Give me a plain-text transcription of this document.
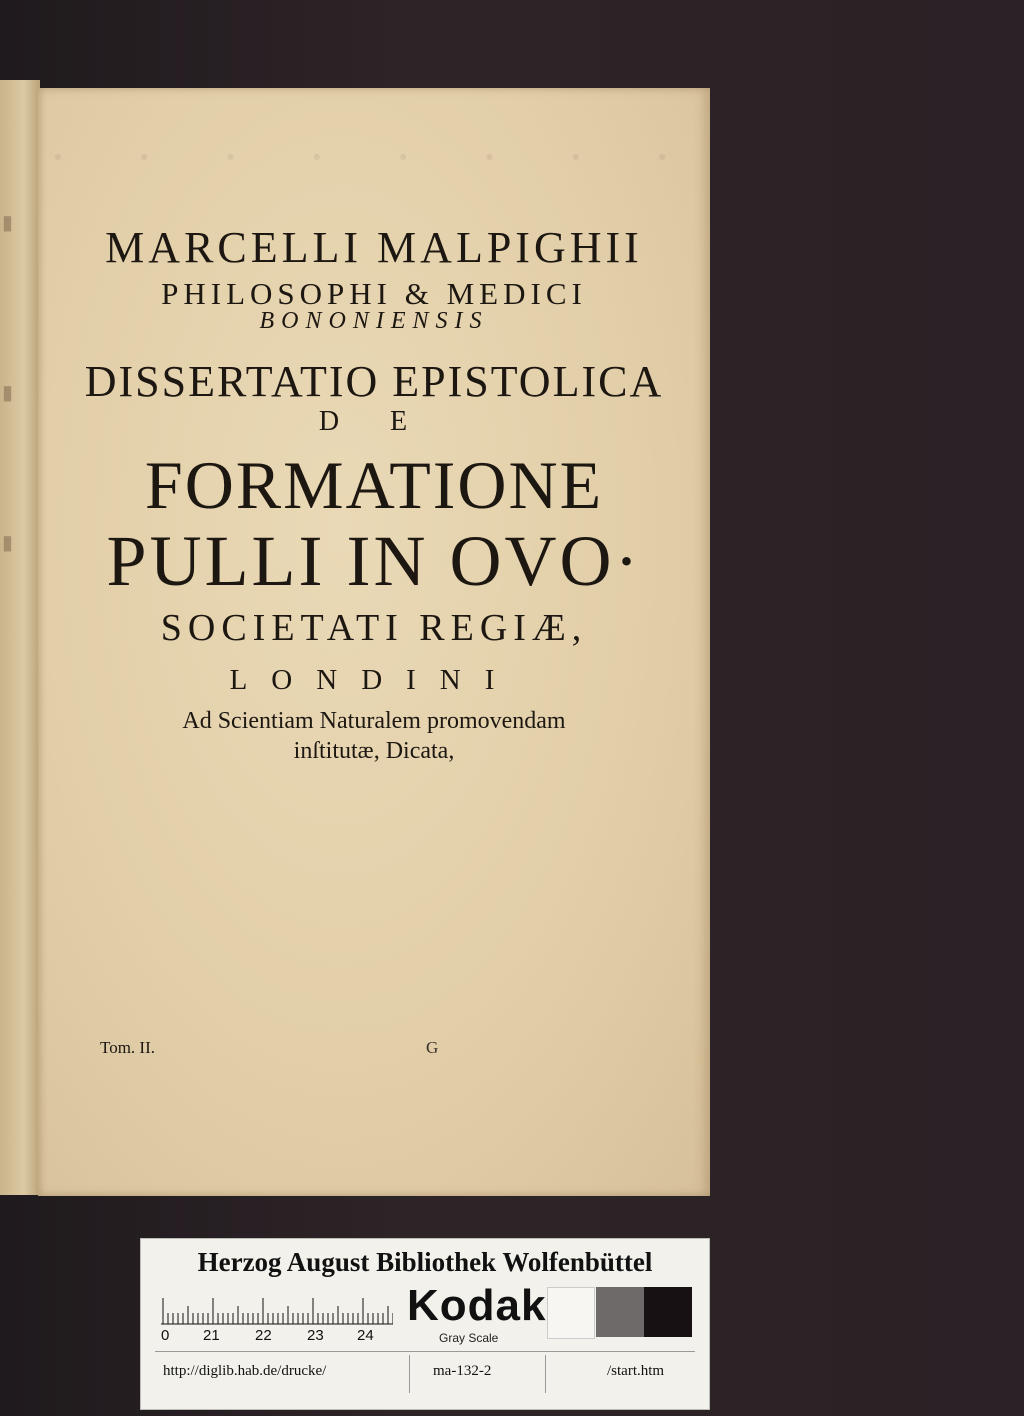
▮
▮
▮
· · · · · · · ·
MARCELLI MALPIGHII
PHILOSOPHI & MEDICI
BONONIENSIS
DISSERTATIO EPISTOLICA
D E
FORMATIONE
PULLI IN OVO·
SOCIETATI REGIÆ,
LONDINI
Ad Scientiam Naturalem promovendam
inſtitutæ, Dicata,
Tom. II.	G
Herzog August Bibliothek Wolfenbüttel
0 21 22 23 24
Kodak
Gray Scale
http://diglib.hab.de/drucke/	ma-132-2	/start.htm
